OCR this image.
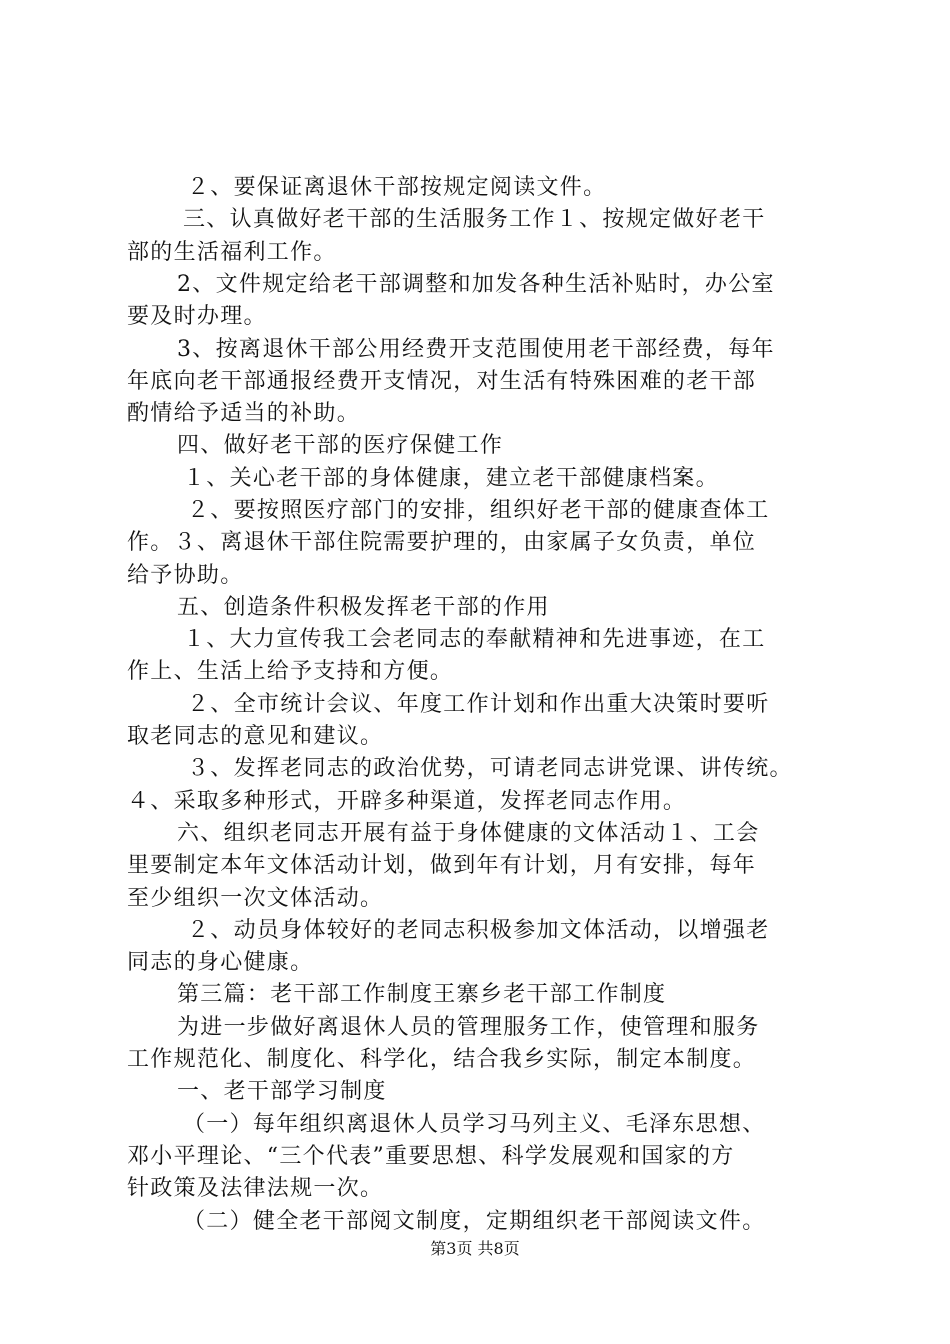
２、要保证离退休干部按规定阅读文件。
三、认真做好老干部的生活服务工作１、按规定做好老干
部的生活福利工作。
2、文件规定给老干部调整和加发各种生活补贴时，办公室
要及时办理。
3、按离退休干部公用经费开支范围使用老干部经费，每年
年底向老干部通报经费开支情况，对生活有特殊困难的老干部
酌情给予适当的补助。
四、做好老干部的医疗保健工作
１、关心老干部的身体健康，建立老干部健康档案。
２、要按照医疗部门的安排，组织好老干部的健康查体工
作。３、离退休干部住院需要护理的，由家属子女负责，单位
给予协助。
五、创造条件积极发挥老干部的作用
１、大力宣传我工会老同志的奉献精神和先进事迹，在工
作上、生活上给予支持和方便。
２、全市统计会议、年度工作计划和作出重大决策时要听
取老同志的意见和建议。
３、发挥老同志的政治优势，可请老同志讲党课、讲传统。
４、采取多种形式，开辟多种渠道，发挥老同志作用。
六、组织老同志开展有益于身体健康的文体活动１、工会
里要制定本年文体活动计划，做到年有计划，月有安排，每年
至少组织一次文体活动。
２、动员身体较好的老同志积极参加文体活动，以增强老
同志的身心健康。
第三篇：老干部工作制度王寨乡老干部工作制度
为进一步做好离退休人员的管理服务工作，使管理和服务
工作规范化、制度化、科学化，结合我乡实际，制定本制度。
一、老干部学习制度
（一）每年组织离退休人员学习马列主义、毛泽东思想、
邓小平理论、“三个代表”重要思想、科学发展观和国家的方
针政策及法律法规一次。
（二）健全老干部阅文制度，定期组织老干部阅读文件。
第3页 共8页
